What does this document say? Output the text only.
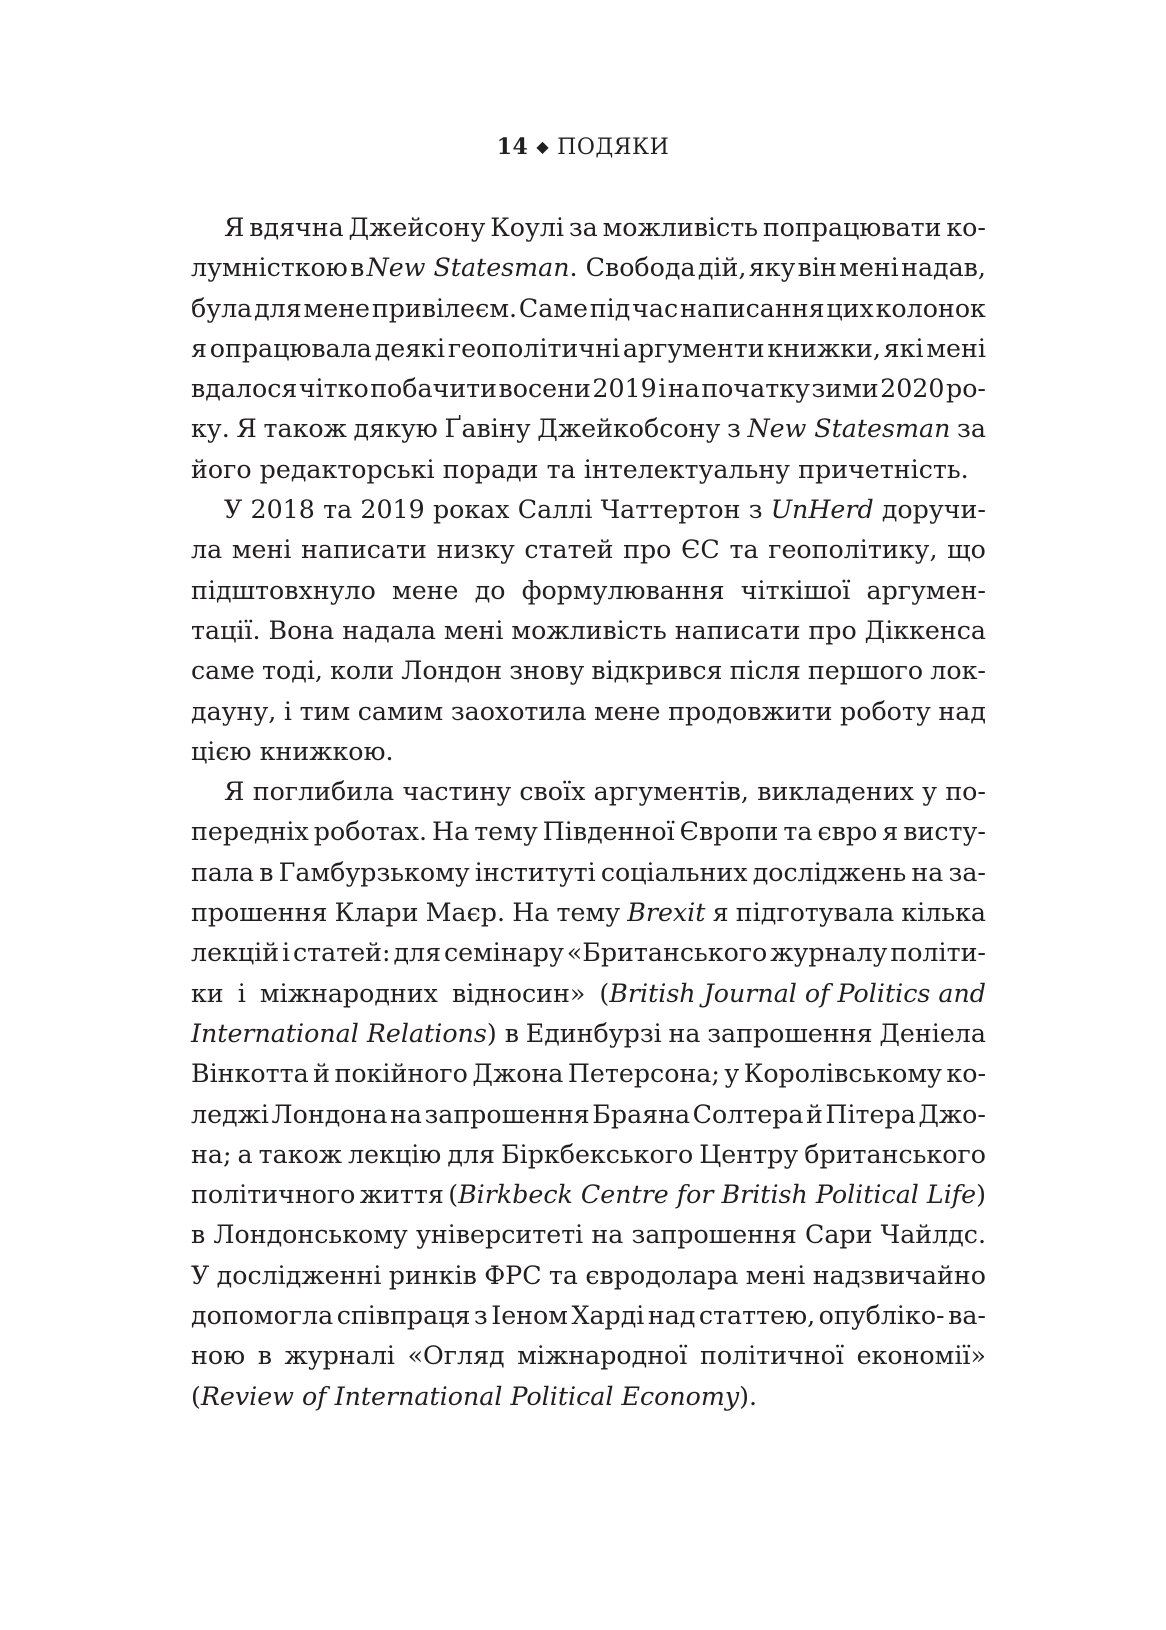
14 ◆ ПОДЯКИ
Я вдячна Джейсону Коулі за можливість попрацювати ко-
лумністкою в New Statesman. Свобода дій, яку він мені надав,
була для мене привілеєм. Саме під час написання цих колонок
я опрацювала деякі геополітичні аргументи книжки, які мені
вдалося чітко побачити восени 2019 і на початку зими 2020 ро-
ку. Я також дякую Ґавіну Джейкобсону з New Statesman за
його редакторські поради та інтелектуальну причетність.
У 2018 та 2019 роках Саллі Чаттертон з UnHerd доручи-
ла мені написати низку статей про ЄС та геополітику, що
підштовхнуло мене до формулювання чіткішої аргумен-
тації. Вона надала мені можливість написати про Діккенса
саме тоді, коли Лондон знову відкрився після першого лок-
дауну, і тим самим заохотила мене продовжити роботу над
цією книжкою.
Я поглибила частину своїх аргументів, викладених у по-
передніх роботах. На тему Південної Європи та євро я висту-
пала в Гамбурзькому інституті соціальних досліджень на за-
прошення Клари Маєр. На тему Brexit я підготувала кілька
лекцій і статей: для семінару «Британського журналу політи-
ки і міжнародних відносин» (British Journal of Politics and
International Relations) в Единбурзі на запрошення Деніела
Вінкотта й покійного Джона Петерсона; у Королівському ко-
леджі Лондона на запрошення Браяна Солтера й Пітера Джо-
на; а також лекцію для Біркбекського Центру британського
політичного життя (Birkbeck Centre for British Political Life)
в Лондонському університеті на запрошення Сари Чайлдс.
У дослідженні ринків ФРС та євродолара мені надзвичайно
допомогла співпраця з Іеном Харді над статтею, опубліко- ва-
ною в журналі «Огляд міжнародної політичної економії»
(Review of International Political Economy).
